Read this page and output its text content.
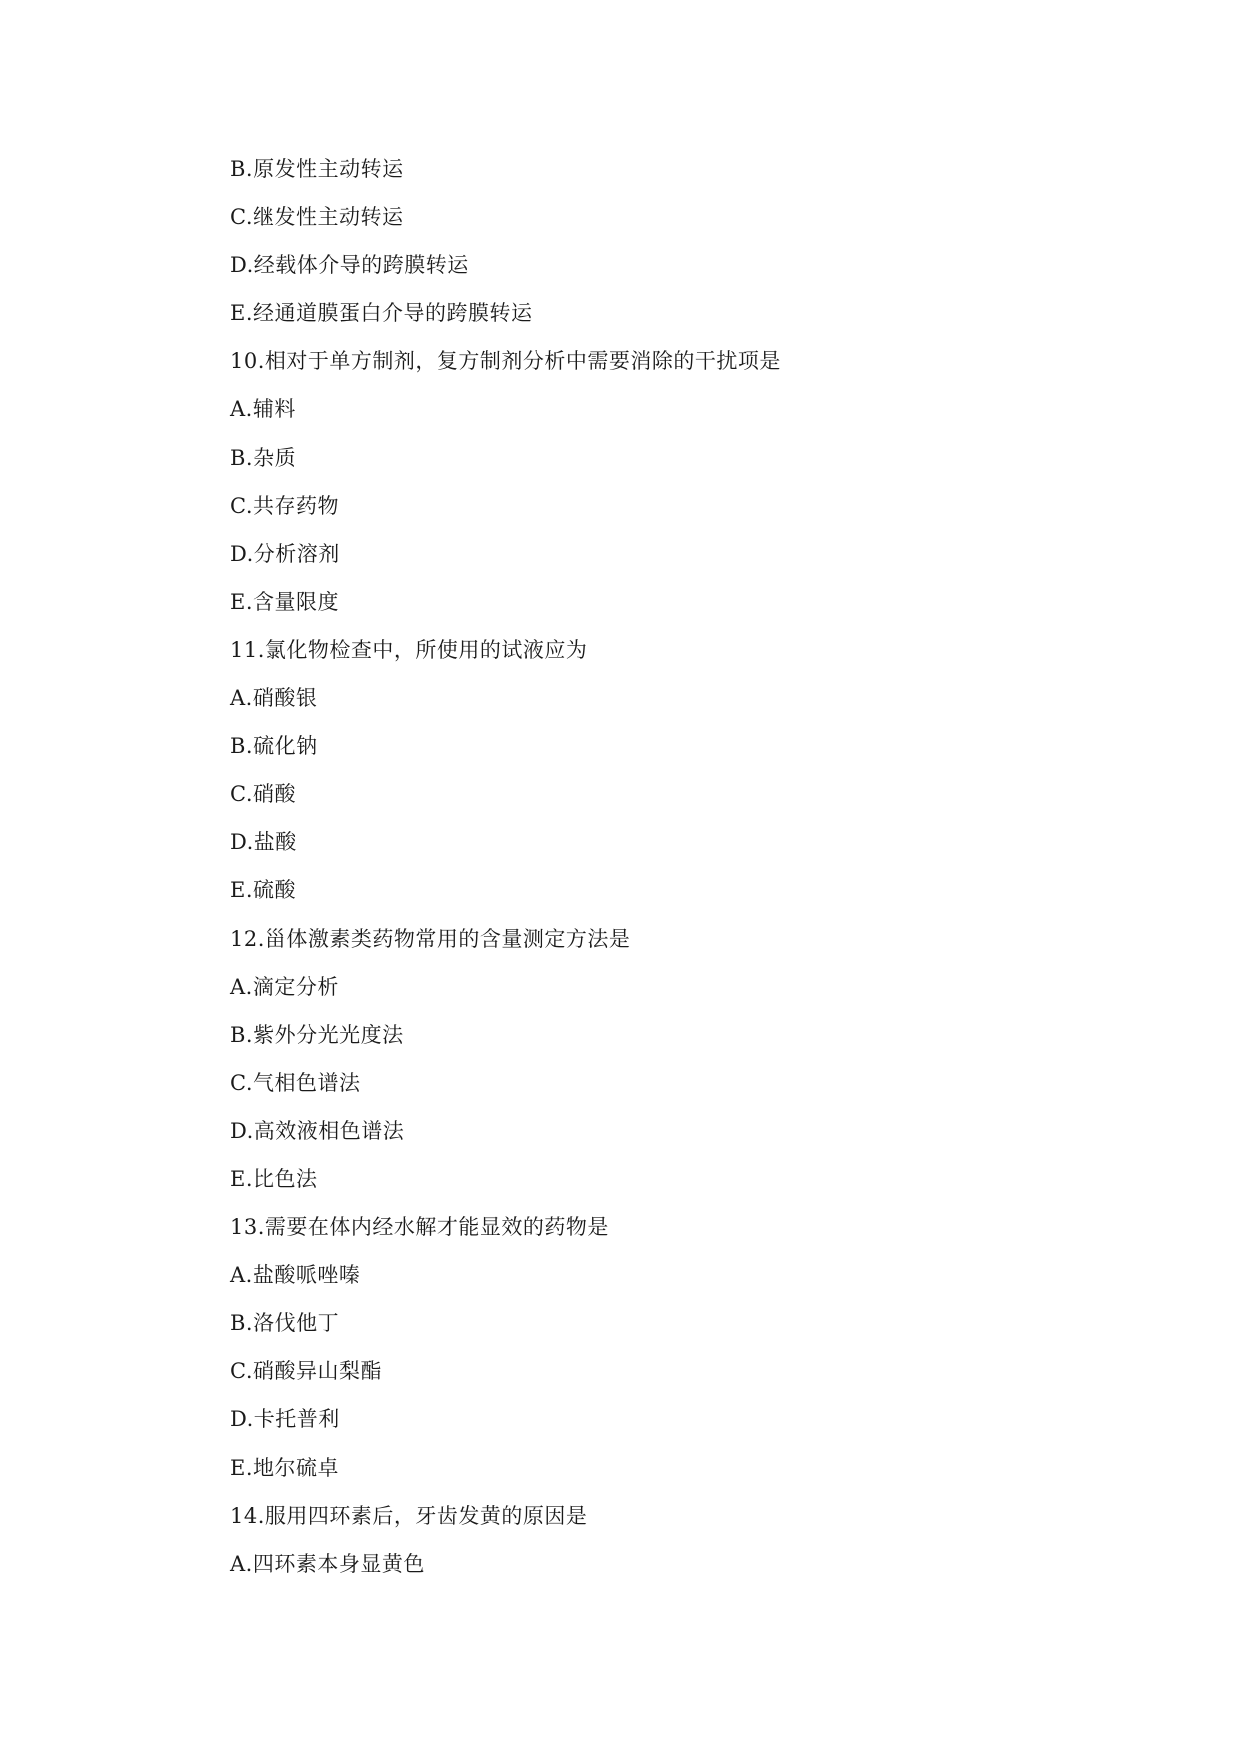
B.原发性主动转运
C.继发性主动转运
D.经载体介导的跨膜转运
E.经通道膜蛋白介导的跨膜转运
10.相对于单方制剂，复方制剂分析中需要消除的干扰项是
A.辅料
B.杂质
C.共存药物
D.分析溶剂
E.含量限度
11.氯化物检查中，所使用的试液应为
A.硝酸银
B.硫化钠
C.硝酸
D.盐酸
E.硫酸
12.甾体激素类药物常用的含量测定方法是
A.滴定分析
B.紫外分光光度法
C.气相色谱法
D.高效液相色谱法
E.比色法
13.需要在体内经水解才能显效的药物是
A.盐酸哌唑嗪
B.洛伐他丁
C.硝酸异山梨酯
D.卡托普利
E.地尔硫卓
14.服用四环素后，牙齿发黄的原因是
A.四环素本身显黄色
